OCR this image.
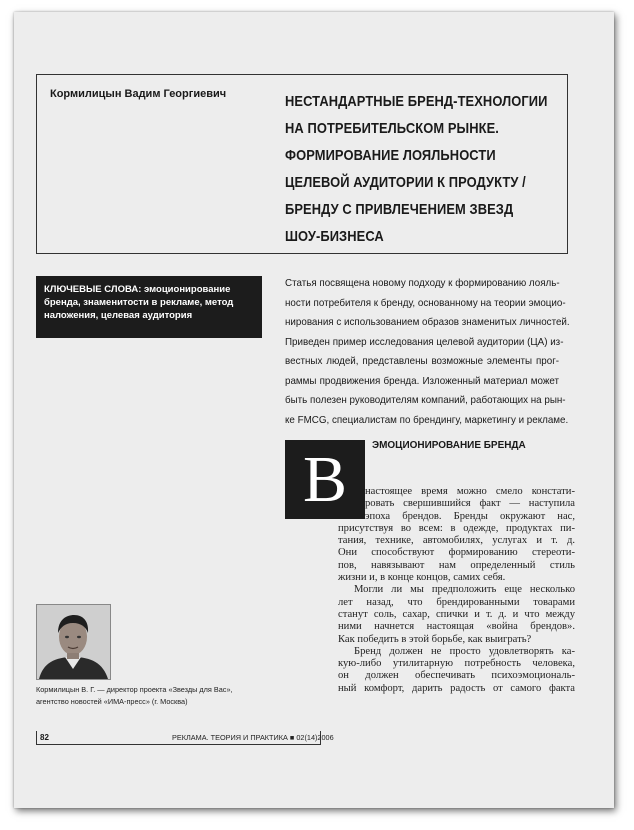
Кормилицын Вадим Георгиевич	НЕСТАНДАРТНЫЕ БРЕНД-ТЕХНОЛОГИИ
НА ПОТРЕБИТЕЛЬСКОМ РЫНКЕ.
ФОРМИРОВАНИЕ ЛОЯЛЬНОСТИ
ЦЕЛЕВОЙ АУДИТОРИИ К ПРОДУКТУ /
БРЕНДУ С ПРИВЛЕЧЕНИЕМ ЗВЕЗД
ШОУ-БИЗНЕСА
КЛЮЧЕВЫЕ СЛОВА: эмоционирование бренда, знаменитости в рекламе, метод наложения, целевая аудитория
Статья посвящена новому подходу к формированию лояль-
ности потребителя к бренду, основанному на теории эмоцио-
нирования с использованием образов знаменитых личностей.
Приведен пример исследования целевой аудитории (ЦА) из-
вестных людей, представлены возможные элементы прог-
раммы продвижения бренда. Изложенный материал может
быть полезен руководителям компаний, работающих на рын-
ке FMCG, специалистам по брендингу, маркетингу и рекламе.
В	ЭМОЦИОНИРОВАНИЕ БРЕНДА
настоящее время можно смело констати-
ровать свершившийся факт — наступила
эпоха брендов. Бренды окружают нас,
присутствуя во всем: в одежде, продуктах пи-
тания, технике, автомобилях, услугах и т. д.
Они способствуют формированию стереоти-
пов, навязывают нам определенный стиль
жизни и, в конце концов, самих себя.
Могли ли мы предположить еще несколько
лет назад, что брендированными товарами
станут соль, сахар, спички и т. д. и что между
ними начнется настоящая «война брендов».
Как победить в этой борьбе, как выиграть?
Бренд должен не просто удовлетворять ка-
кую-либо утилитарную потребность человека,
он должен обеспечивать психоэмоциональ-
ный комфорт, дарить радость от самого факта
Кормилицын В. Г. — директор проекта «Звезды для Вас», агентство новостей «ИМА-пресс» (г. Москва)
82	РЕКЛАМА. ТЕОРИЯ И ПРАКТИКА ■ 02(14)2006
